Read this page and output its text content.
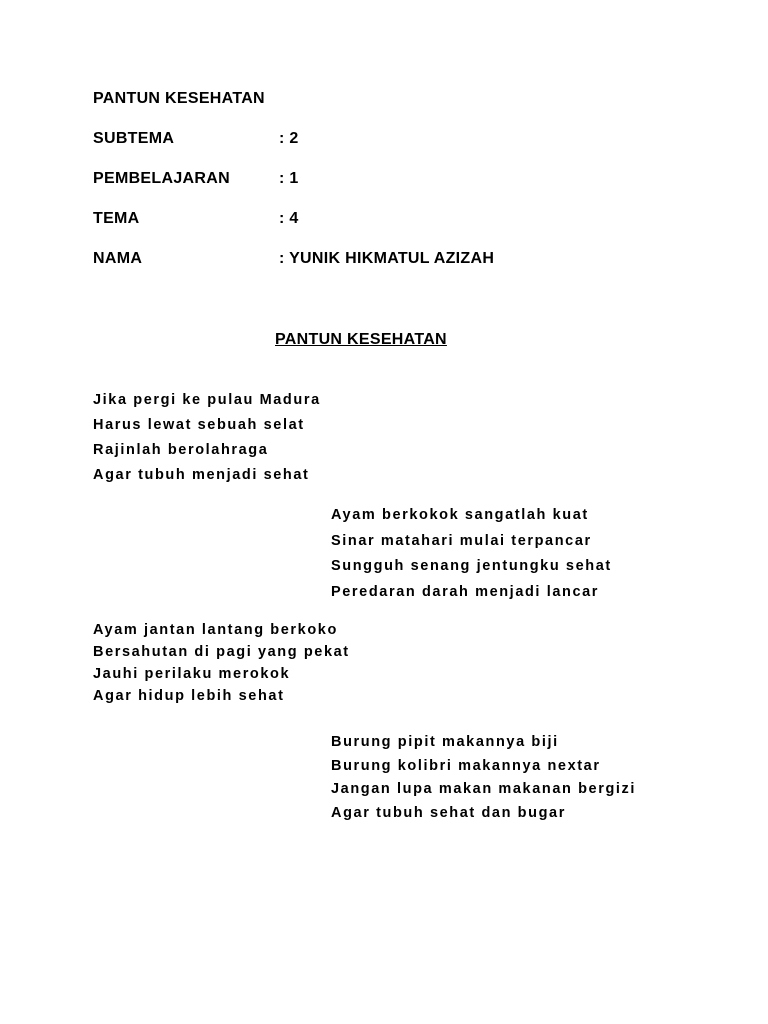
PANTUN KESEHATAN
SUBTEMA	: 2
PEMBELAJARAN	: 1
TEMA	: 4
NAMA	: YUNIK HIKMATUL AZIZAH
PANTUN KESEHATAN
Jika pergi ke pulau Madura
Harus lewat sebuah selat
Rajinlah berolahraga
Agar tubuh menjadi sehat
Ayam berkokok sangatlah kuat
Sinar matahari mulai terpancar
Sungguh senang jentungku sehat
Peredaran darah menjadi lancar
Ayam jantan lantang berkoko
Bersahutan di pagi yang pekat
Jauhi perilaku merokok
Agar hidup lebih sehat
Burung pipit makannya biji
Burung kolibri makannya nextar
Jangan lupa makan makanan bergizi
Agar tubuh sehat dan bugar
